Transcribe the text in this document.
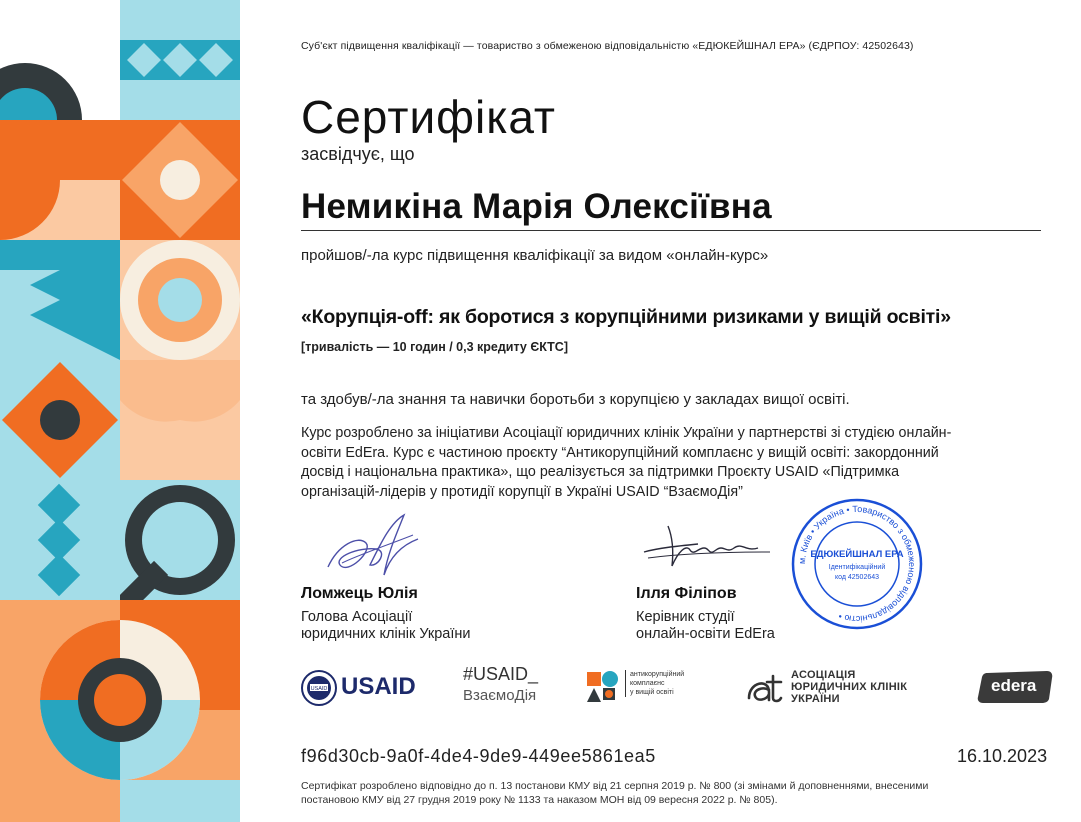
Суб'єкт підвищення кваліфікації — товариство з обмеженою відповідальністю «ЕДЮКЕЙШНАЛ ЕРА» (ЄДРПОУ: 42502643)
Сертифікат
засвідчує, що
Немикіна Марія Олексіївна
пройшов/-ла курс підвищення кваліфікації за видом «онлайн-курс»
«Корупція-off: як боротися з корупційними ризиками у вищій освіті»
[тривалість — 10 годин / 0,3 кредиту ЄКТС]
та здобув/-ла знання та навички боротьби з корупцією у закладах вищої освіті.
Курс розроблено за ініціативи Асоціації юридичних клінік України у партнерстві зі студією онлайн-
освіти EdEra. Курс є частиною проєкту “Антикорупційний комплаєнс у вищій освіті: закордонний
досвід і національна практика», що реалізується за підтримки Проєкту USAID «Підтримка
організацій-лідерів у протидії корупції в Україні USAID “ВзаємоДія”
Ломжець Юлія
Голова Асоціації
юридичних клінік України
Ілля Філіпов
Керівник студії
онлайн-освіти EdEra
м. Київ • Україна • Товариство з обмеженою відповідальністю •
ЕДЮКЕЙШНАЛ ЕРА
Ідентифікаційний
код 42502643
USAID USAID	#USAID_
ВзаємоДія
антикорупційний
комплаєнс
у вищій освіті
АСОЦІАЦІЯ
ЮРИДИЧНИХ КЛІНІК
УКРАЇНИ
edera
f96d30cb-9a0f-4de4-9de9-449ee5861ea5	16.10.2023
Сертифікат розроблено відповідно до п. 13 постанови КМУ від 21 серпня 2019 р. № 800 (зі змінами й доповненнями, внесеними
постановою КМУ від 27 грудня 2019 року № 1133 та наказом МОН від 09 вересня 2022 р. № 805).
